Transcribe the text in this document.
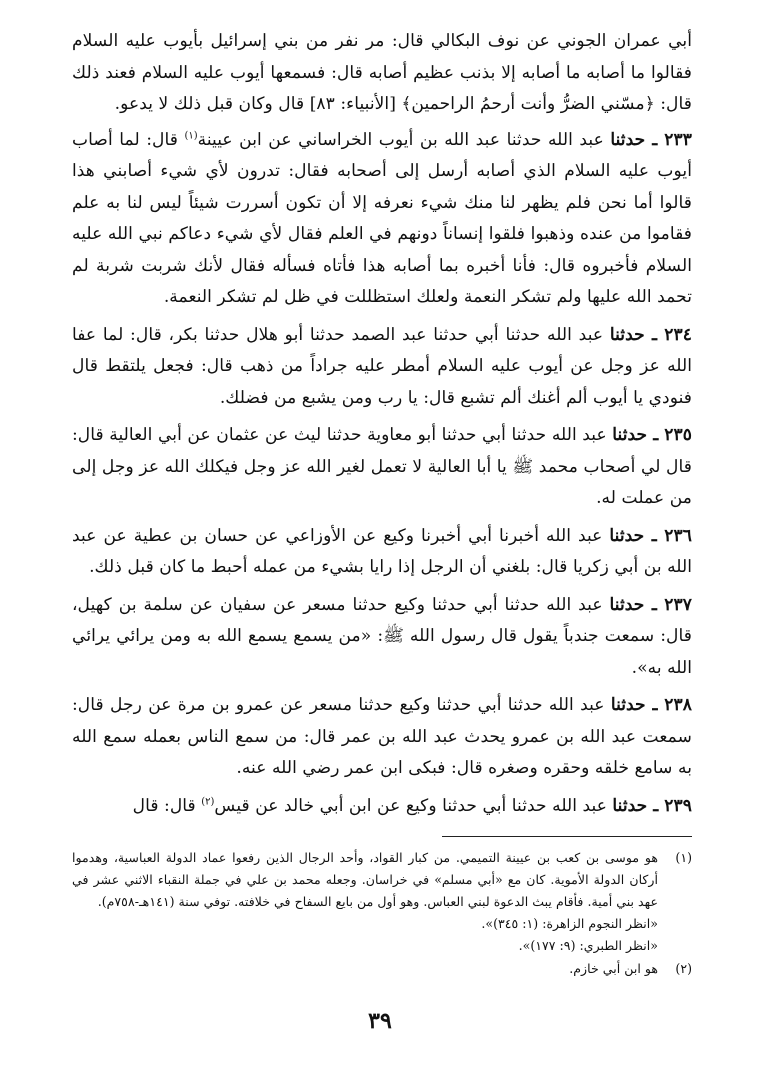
أبي عمران الجوني عن نوف البكالي قال: مر نفر من بني إسرائيل بأيوب عليه السلام فقالوا ما أصابه ما أصابه إلا بذنب عظيم أصابه قال: فسمعها أيوب عليه السلام فعند ذلك قال: ﴿مسّني الضرُّ وأنت أرحمُ الراحمين﴾ [الأنبياء: ٨٣] قال وكان قبل ذلك لا يدعو.

٢٣٣ ـ حدثنا عبد الله حدثنا عبد الله بن أيوب الخراساني عن ابن عيينة$^{(١)}$ قال: لما أصاب أيوب عليه السلام الذي أصابه أرسل إلى أصحابه فقال: تدرون لأي شيء أصابني هذا قالوا أما نحن فلم يظهر لنا منك شيء نعرفه إلا أن تكون أسررت شيئاً ليس لنا به علم فقاموا من عنده وذهبوا فلقوا إنساناً دونهم في العلم فقال لأي شيء دعاكم نبي الله عليه السلام فأخبروه قال: فأنا أخبره بما أصابه هذا فأتاه فسأله فقال لأنك شربت شربة لم تحمد الله عليها ولم تشكر النعمة ولعلك استظللت في ظل لم تشكر النعمة.

٢٣٤ ـ حدثنا عبد الله حدثنا أبي حدثنا عبد الصمد حدثنا أبو هلال حدثنا بكر، قال: لما عفا الله عز وجل عن أيوب عليه السلام أمطر عليه جراداً من ذهب قال: فجعل يلتقط قال فنودي يا أيوب ألم أغنك ألم تشبع قال: يا رب ومن يشبع من فضلك.

٢٣٥ ـ حدثنا عبد الله حدثنا أبي حدثنا أبو معاوية حدثنا ليث عن عثمان عن أبي العالية قال: قال لي أصحاب محمد ﷺ يا أبا العالية لا تعمل لغير الله عز وجل فيكلك الله عز وجل إلى من عملت له.

٢٣٦ ـ حدثنا عبد الله أخبرنا أبي أخبرنا وكيع عن الأوزاعي عن حسان بن عطية عن عبد الله بن أبي زكريا قال: بلغني أن الرجل إذا رايا بشيء من عمله أحبط ما كان قبل ذلك.

٢٣٧ ـ حدثنا عبد الله حدثنا أبي حدثنا وكيع حدثنا مسعر عن سفيان عن سلمة بن كهيل، قال: سمعت جندباً يقول قال رسول الله ﷺ: «من يسمع يسمع الله به ومن يرائي يرائي الله به».

٢٣٨ ـ حدثنا عبد الله حدثنا أبي حدثنا وكيع حدثنا مسعر عن عمرو بن مرة عن رجل قال: سمعت عبد الله بن عمرو يحدث عبد الله بن عمر قال: من سمع الناس بعمله سمع الله به سامع خلقه وحقره وصغره قال: فبكى ابن عمر رضي الله عنه.

٢٣٩ ـ حدثنا عبد الله حدثنا أبي حدثنا وكيع عن ابن أبي خالد عن قيس$^{(٢)}$ قال: قال

(١)
هو موسى بن كعب بن عيينة التميمي. من كبار القواد، وأحد الرجال الذين رفعوا عماد الدولة العباسية، وهدموا أركان الدولة الأموية. كان مع «أبي مسلم» في خراسان. وجعله محمد بن علي في جملة النقباء الاثني عشر في عهد بني أمية. فأقام يبث الدعوة لبني العباس. وهو أول من بايع السفاح في خلافته. توفي سنة (١٤١هـ-٧٥٨م).
«انظر النجوم الزاهرة: (١: ٣٤٥)».
«انظر الطبري: (٩: ١٧٧)».
(٢)
هو ابن أبي خازم.
٣٩
